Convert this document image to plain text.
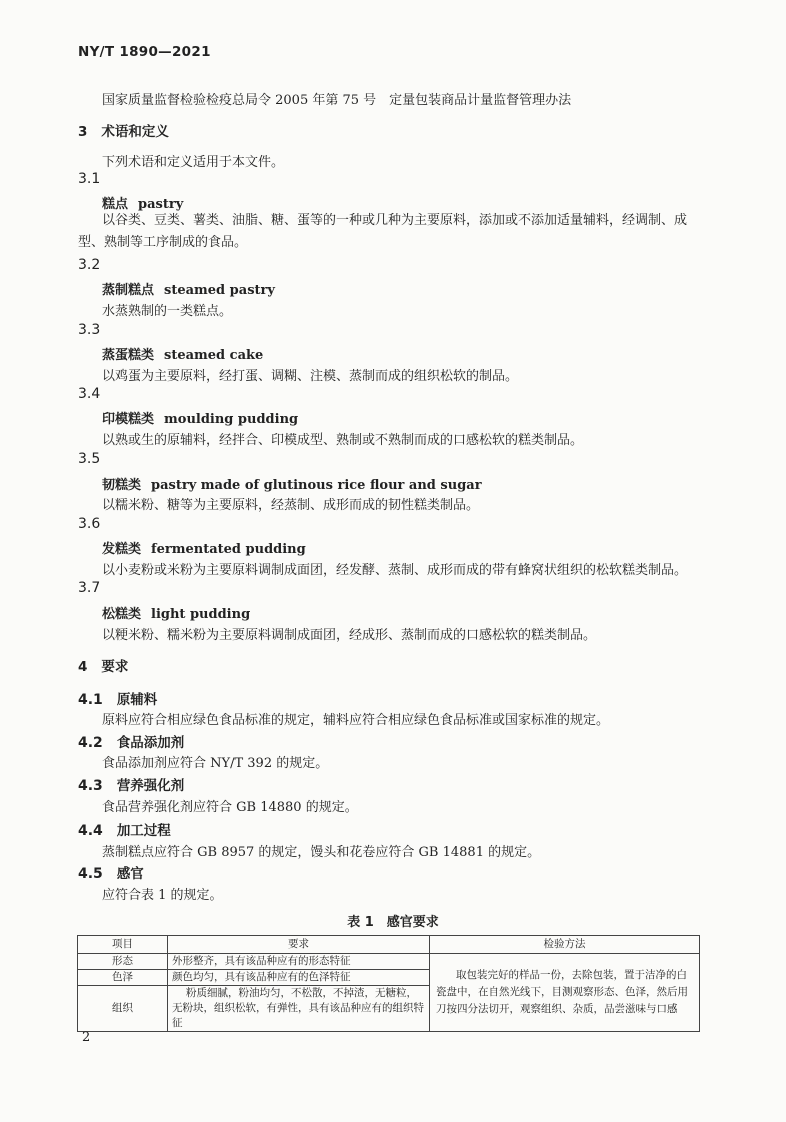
NY/T 1890—2021
国家质量监督检验检疫总局令 2005 年第 75 号　定量包装商品计量监督管理办法
3 术语和定义
下列术语和定义适用于本文件。
3.1
糕点 pastry
以谷类、豆类、薯类、油脂、糖、蛋等的一种或几种为主要原料，添加或不添加适量辅料，经调制、成型、熟制等工序制成的食品。
3.2
蒸制糕点 steamed pastry
水蒸熟制的一类糕点。
3.3
蒸蛋糕类 steamed cake
以鸡蛋为主要原料，经打蛋、调糊、注模、蒸制而成的组织松软的制品。
3.4
印模糕类 moulding pudding
以熟或生的原辅料，经拌合、印模成型、熟制或不熟制而成的口感松软的糕类制品。
3.5
韧糕类 pastry made of glutinous rice flour and sugar
以糯米粉、糖等为主要原料，经蒸制、成形而成的韧性糕类制品。
3.6
发糕类 fermentated pudding
以小麦粉或米粉为主要原料调制成面团，经发酵、蒸制、成形而成的带有蜂窝状组织的松软糕类制品。
3.7
松糕类 light pudding
以粳米粉、糯米粉为主要原料调制成面团，经成形、蒸制而成的口感松软的糕类制品。
4 要求
4.1 原辅料
原料应符合相应绿色食品标准的规定，辅料应符合相应绿色食品标准或国家标准的规定。
4.2 食品添加剂
食品添加剂应符合 NY/T 392 的规定。
4.3 营养强化剂
食品营养强化剂应符合 GB 14880 的规定。
4.4 加工过程
蒸制糕点应符合 GB 8957 的规定，馒头和花卷应符合 GB 14881 的规定。
4.5 感官
应符合表 1 的规定。
表 1　感官要求
项目	要求	检验方法
形态	外形整齐，具有该品种应有的形态特征	取包装完好的样品一份，去除包装，置于洁净的白瓷盘中，在自然光线下，目测观察形态、色泽，然后用刀按四分法切开，观察组织、杂质，品尝滋味与口感
色泽	颜色均匀，具有该品种应有的色泽特征	
组织	粉质细腻，粉油均匀，不松散，不掉渣，无糖粒，无粉块，组织松软，有弹性，具有该品种应有的组织特征	
2
